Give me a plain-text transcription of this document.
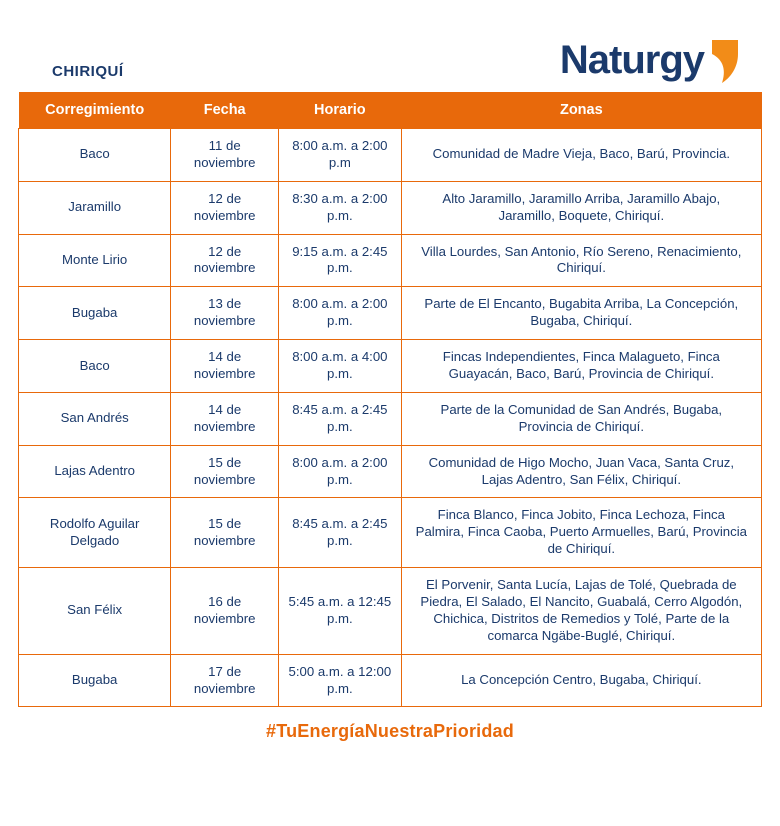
CHIRIQUÍ	Naturgy
Corregimiento	Fecha	Horario	Zonas
Baco	11 de noviembre	8:00 a.m. a 2:00 p.m	Comunidad de Madre Vieja, Baco, Barú, Provincia.
Jaramillo	12 de noviembre	8:30 a.m. a 2:00 p.m.	Alto Jaramillo, Jaramillo Arriba, Jaramillo Abajo, Jaramillo, Boquete, Chiriquí.
Monte Lirio	12 de noviembre	9:15 a.m. a 2:45 p.m.	Villa Lourdes, San Antonio, Río Sereno, Renacimiento, Chiriquí.
Bugaba	13 de noviembre	8:00 a.m. a 2:00 p.m.	Parte de El Encanto, Bugabita Arriba, La Concepción, Bugaba, Chiriquí.
Baco	14 de noviembre	8:00 a.m. a 4:00 p.m.	Fincas Independientes, Finca Malagueto, Finca Guayacán, Baco, Barú, Provincia de Chiriquí.
San Andrés	14 de noviembre	8:45 a.m. a 2:45 p.m.	Parte de la Comunidad de San Andrés, Bugaba, Provincia de Chiriquí.
Lajas Adentro	15 de noviembre	8:00 a.m. a 2:00 p.m.	Comunidad de Higo Mocho, Juan Vaca, Santa Cruz, Lajas Adentro, San Félix, Chiriquí.
Rodolfo Aguilar Delgado	15 de noviembre	8:45 a.m. a 2:45 p.m.	Finca Blanco, Finca Jobito, Finca Lechoza, Finca Palmira, Finca Caoba, Puerto Armuelles, Barú, Provincia de Chiriquí.
San Félix	16 de noviembre	5:45 a.m. a 12:45 p.m.	El Porvenir, Santa Lucía, Lajas de Tolé, Quebrada de Piedra, El Salado, El Nancito, Guabalá, Cerro Algodón, Chichica, Distritos de Remedios y Tolé, Parte de la comarca Ngäbe-Buglé, Chiriquí.
Bugaba	17 de noviembre	5:00 a.m. a 12:00 p.m.	La Concepción Centro, Bugaba, Chiriquí.
#TuEnergíaNuestraPrioridad
